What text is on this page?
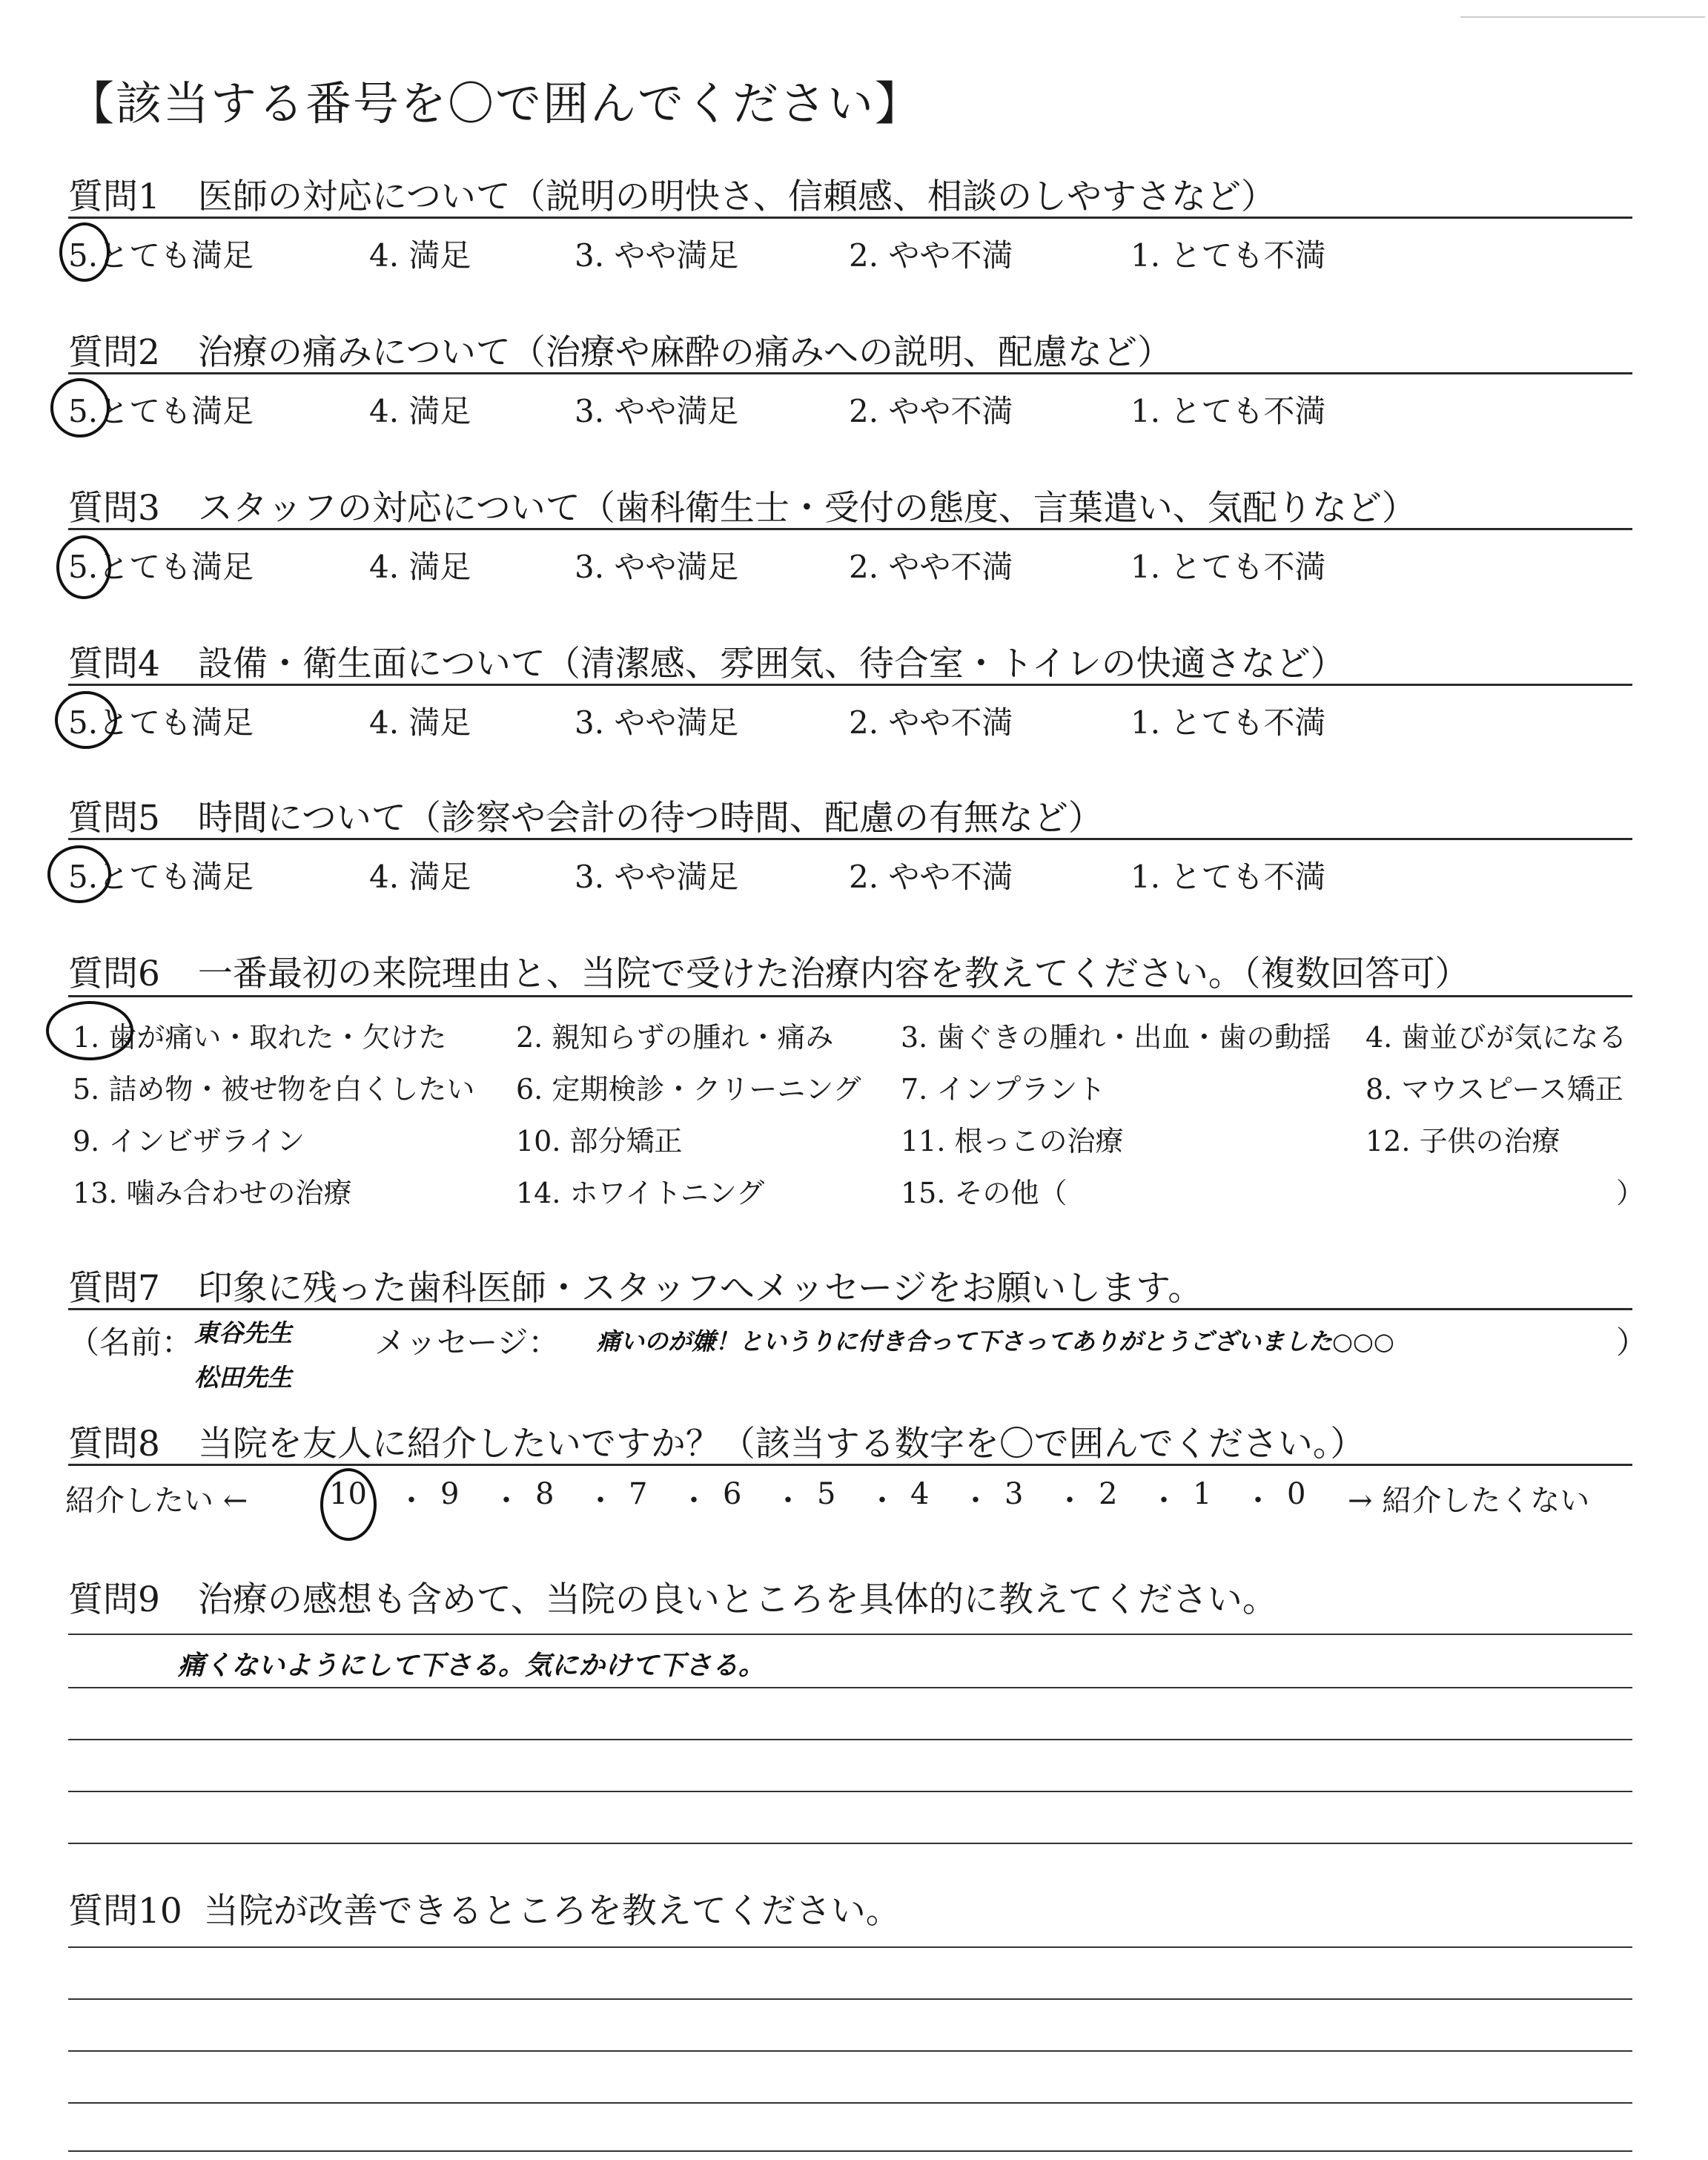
【該当する番号を〇で囲んでください】
質問1 医師の対応について（説明の明快さ、信頼感、相談のしやすさなど）
5.とても満足	4. 満足	3. やや満足	2. やや不満	1. とても不満
質問2 治療の痛みについて（治療や麻酔の痛みへの説明、配慮など）
5.とても満足	4. 満足	3. やや満足	2. やや不満	1. とても不満
質問3 スタッフの対応について（歯科衛生士・受付の態度、言葉遣い、気配りなど）
5.とても満足	4. 満足	3. やや満足	2. やや不満	1. とても不満
質問4 設備・衛生面について（清潔感、雰囲気、待合室・トイレの快適さなど）
5.とても満足	4. 満足	3. やや満足	2. やや不満	1. とても不満
質問5 時間について（診察や会計の待つ時間、配慮の有無など）
5.とても満足	4. 満足	3. やや満足	2. やや不満	1. とても不満
質問6 一番最初の来院理由と、当院で受けた治療内容を教えてください。（複数回答可）
1. 歯が痛い・取れた・欠けた 2. 親知らずの腫れ・痛み 3. 歯ぐきの腫れ・出血・歯の動揺 4. 歯並びが気になる
5. 詰め物・被せ物を白くしたい 6. 定期検診・クリーニング 7. インプラント	8. マウスピース矯正
9. インビザライン	10. 部分矯正	11. 根っこの治療	12. 子供の治療
13. 噛み合わせの治療	14. ホワイトニング	15. その他（	）
質問7 印象に残った歯科医師・スタッフへメッセージをお願いします。
（名前： 東谷先生
松田先生
メッセージ： 痛いのが嫌！というりに付き合って下さってありがとうございました○○○	）
質問8 当院を友人に紹介したいですか？（該当する数字を〇で囲んでください。）
紹介したい ←	10 ・ 9 ・ 8 ・ 7 ・ 6 ・ 5 ・ 4 ・ 3 ・ 2 ・ 1 ・ 0 → 紹介したくない
質問9 治療の感想も含めて、当院の良いところを具体的に教えてください。
痛くないようにして下さる。気にかけて下さる。
質問10 当院が改善できるところを教えてください。
